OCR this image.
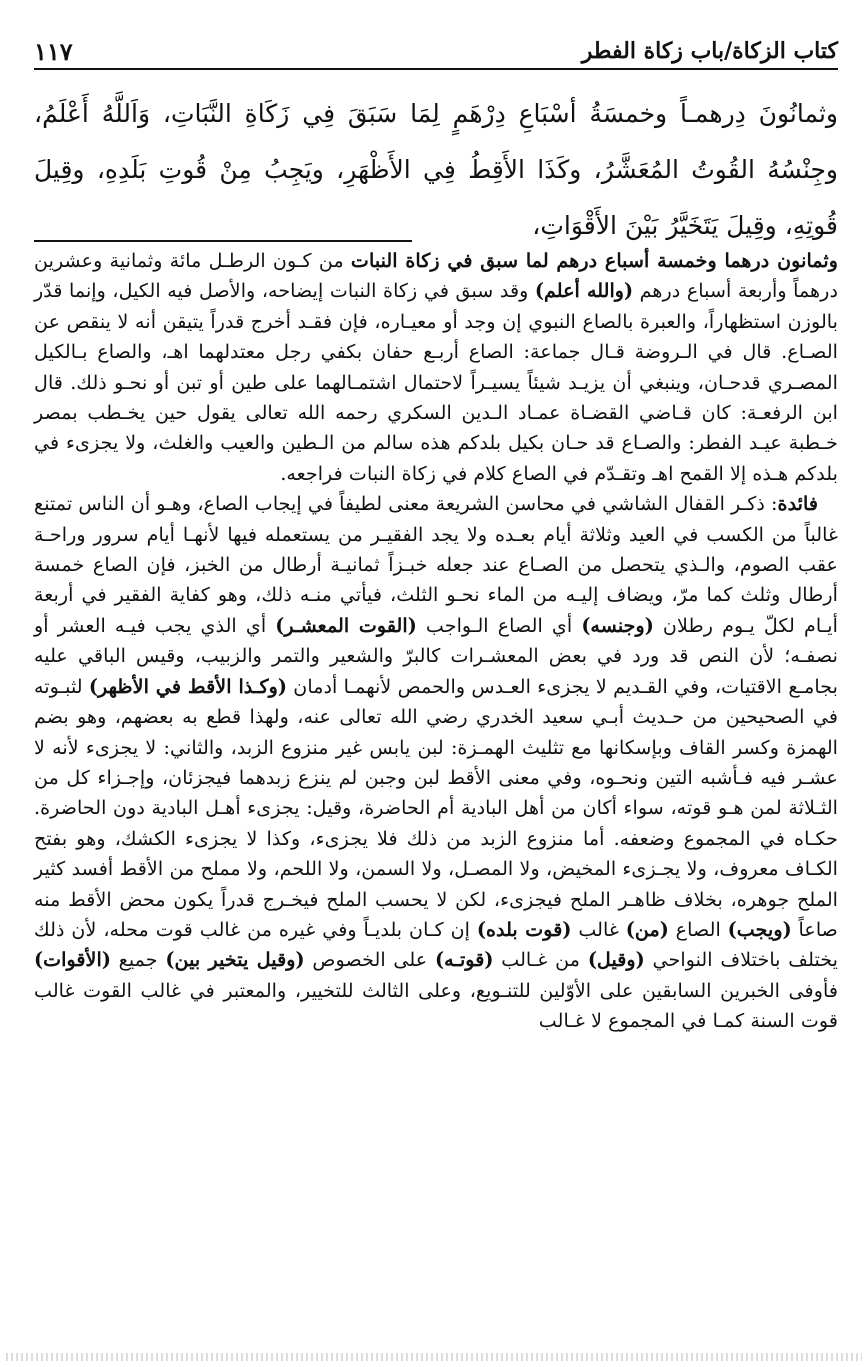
كتاب الزكاة/باب زكاة الفطر
١١٧
وثمانُونَ دِرهمـاً وخمسَةُ أسْبَاعِ دِرْهَمٍ لِمَا سَبَقَ فِي زَكَاةِ النَّبَاتِ، وَاَللَّهُ أَعْلَمُ، وجِنْسُهُ القُوتُ المُعَشَّرُ، وكَذَا الأَقِطُ فِي الأَظْهَرِ، ويَجِبُ مِنْ قُوتِ بَلَدِهِ، وقِيلَ قُوتِهِ، وقِيلَ يَتَخَيَّرُ بَيْنَ الأَقْوَاتِ،

وثمانون درهما وخمسة أسباع درهم لما سبق في زكاة النبات من كـون الرطـل مائة وثمانية وعشرين درهماً وأربعة أسباع درهم (والله أعلم) وقد سبق في زكاة النبات إيضاحه، والأصل فيه الكيل، وإنما قدّر بالوزن استظهاراً، والعبرة بالصاع النبوي إن وجد أو معيـاره، فإن فقـد أخرج قدراً يتيقن أنه لا ينقص عن الصـاع. قال في الـروضة قـال جماعة: الصاع أربـع حفان بكفي رجل معتدلهما اهـ، والصاع بـالكيل المصـري قدحـان، وينبغي أن يزيـد شيئاً يسيـراً لاحتمال اشتمـالهما على طين أو تبن أو نحـو ذلك. قال ابن الرفعـة: كان قـاضي القضـاة عمـاد الـدين السكري رحمه الله تعالى يقول حين يخـطب بمصر خـطبة عيـد الفطر: والصـاع قد حـان بكيل بلدكم هذه سالم من الـطين والعيب والغلث، ولا يجزىء في بلدكم هـذه إلا القمح اهـ وتقـدّم في الصاع كلام في زكاة النبات فراجعه.

فائدة: ذكـر القفال الشاشي في محاسن الشريعة معنى لطيفاً في إيجاب الصاع، وهـو أن الناس تمتنع غالباً من الكسب في العيد وثلاثة أيام بعـده ولا يجد الفقيـر من يستعمله فيها لأنهـا أيام سرور وراحـة عقب الصوم، والـذي يتحصل من الصـاع عند جعله خبـزاً ثمانيـة أرطال من الخبز، فإن الصاع خمسة أرطال وثلث كما مرّ، ويضاف إليـه من الماء نحـو الثلث، فيأتي منـه ذلك، وهو كفاية الفقير في أربعة أيـام لكلّ يـوم رطلان (وجنسه) أي الصاع الـواجب (القوت المعشـر) أي الذي يجب فيـه العشر أو نصفـه؛ لأن النص قد ورد في بعض المعشـرات كالبرّ والشعير والتمر والزبيب، وقيس الباقي عليه بجامـع الاقتيات، وفي القـديم لا يجزىء العـدس والحمص لأنهمـا أدمان (وكـذا الأقط في الأظهر) لثبـوته في الصحيحين من حـديث أبـي سعيد الخدري رضي الله تعالى عنه، ولهذا قطع به بعضهم، وهو بضم الهمزة وكسر القاف وبإسكانها مع تثليث الهمـزة: لبن يابس غير منزوع الزبد، والثاني: لا يجزىء لأنه لا عشـر فيه فـأشبه التين ونحـوه، وفي معنى الأقط لبن وجبن لم ينزع زبدهما فيجزئان، وإجـزاء كل من الثـلاثة لمن هـو قوته، سواء أكان من أهل البادية أم الحاضرة، وقيل: يجزىء أهـل البادية دون الحاضرة. حكـاه في المجموع وضعفه. أما منزوع الزبد من ذلك فلا يجزىء، وكذا لا يجزىء الكشك، وهو بفتح الكـاف معروف، ولا يجـزىء المخيض، ولا المصـل، ولا السمن، ولا اللحم، ولا مملح من الأقط أفسد كثير الملح جوهره، بخلاف ظاهـر الملح فيجزىء، لكن لا يحسب الملح فيخـرج قدراً يكون محض الأقط منه صاعاً (ويجب) الصاع (من) غالب (قوت بلده) إن كـان بلديـاً وفي غيره من غالب قوت محله، لأن ذلك يختلف باختلاف النواحي (وقيل) من غـالب (قوتـه) على الخصوص (وقيل يتخير بين) جميع (الأقوات) فأوفى الخبرين السابقين على الأوّلين للتنـويع، وعلى الثالث للتخيير، والمعتبر في غالب القوت غالب قوت السنة كمـا في المجموع لا غـالب
